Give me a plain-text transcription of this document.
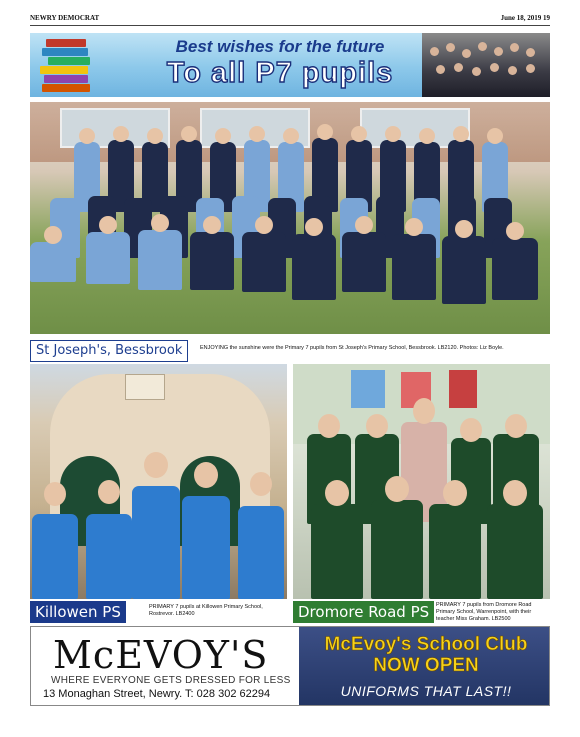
NEWRY DEMOCRAT	June 18, 2019 19
Best wishes for the future
To all P7 pupils
St Joseph's, Bessbrook	ENJOYING the sunshine were the Primary 7 pupils from St Joseph's Primary School, Bessbrook. LB2120. Photos: Liz Boyle.
Killowen PS	PRIMARY 7 pupils at Killowen Primary School, Rostrevor. LB2400	Dromore Road PS	PRIMARY 7 pupils from Dromore Road Primary School, Warrenpoint, with their teacher Miss Graham. LB2500
McEVOY'S
WHERE EVERYONE GETS DRESSED FOR LESS
13 Monaghan Street, Newry. T: 028 302 62294
McEvoy's School Club
NOW OPEN
UNIFORMS THAT LAST!!
